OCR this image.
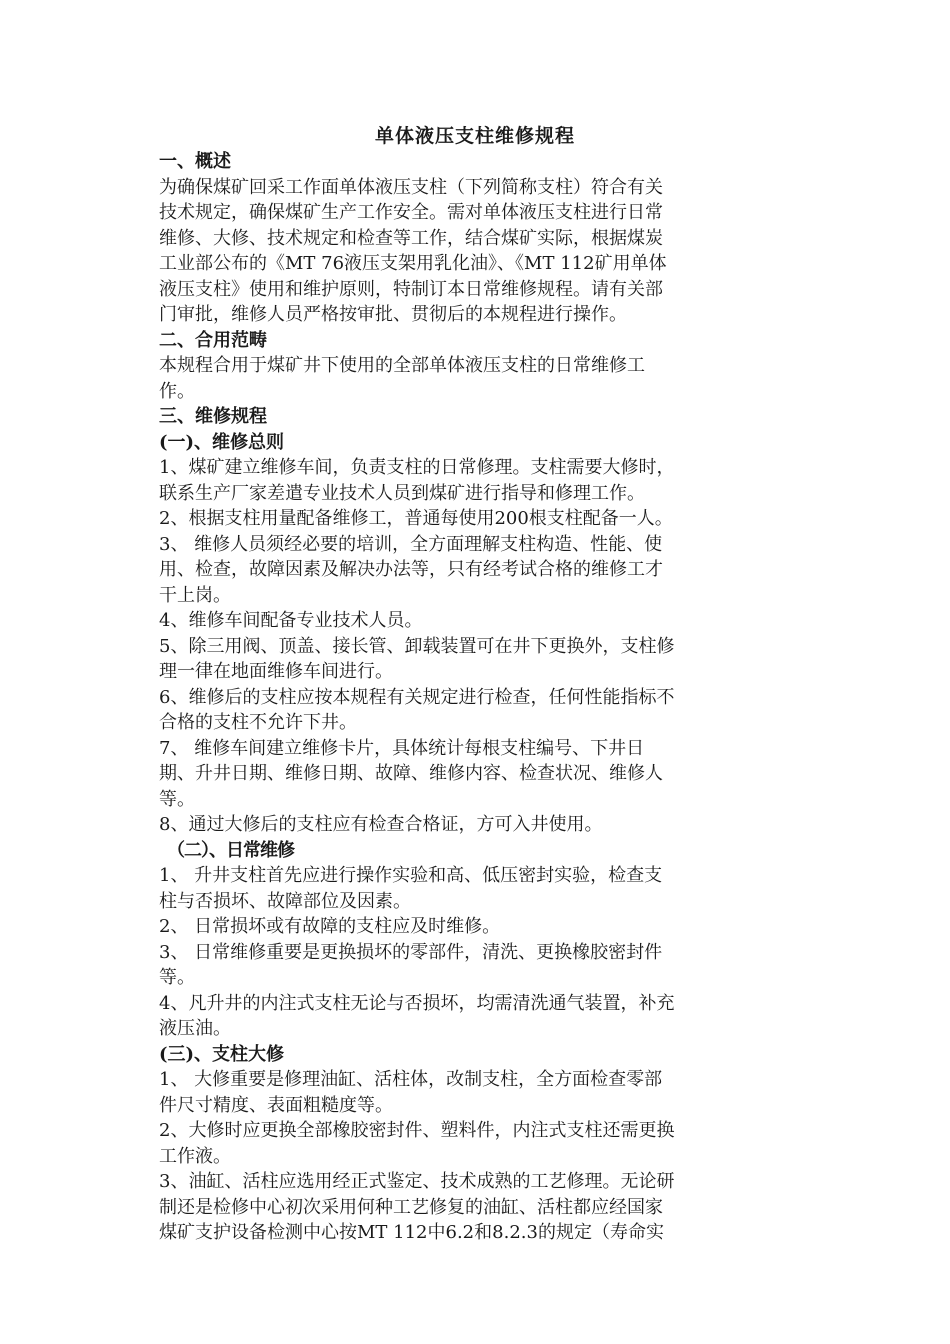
单体液压支柱维修规程
一、概述
为确保煤矿回采工作面单体液压支柱（下列简称支柱）符合有关
技术规定，确保煤矿生产工作安全。需对单体液压支柱进行日常
维修、大修、技术规定和检查等工作，结合煤矿实际，根据煤炭
工业部公布的《MT 76液压支架用乳化油》、《MT 112矿用单体
液压支柱》使用和维护原则，特制订本日常维修规程。请有关部
门审批，维修人员严格按审批、贯彻后的本规程进行操作。
二、合用范畴
本规程合用于煤矿井下使用的全部单体液压支柱的日常维修工
作。
三、维修规程
(一)、维修总则
1、煤矿建立维修车间，负责支柱的日常修理。支柱需要大修时，
联系生产厂家差遣专业技术人员到煤矿进行指导和修理工作。
2、根据支柱用量配备维修工，普通每使用200根支柱配备一人。
3、 维修人员须经必要的培训，全方面理解支柱构造、性能、使
用、检查，故障因素及解决办法等，只有经考试合格的维修工才
干上岗。
4、维修车间配备专业技术人员。
5、除三用阀、顶盖、接长管、卸载装置可在井下更换外，支柱修
理一律在地面维修车间进行。
6、维修后的支柱应按本规程有关规定进行检查，任何性能指标不
合格的支柱不允许下井。
7、 维修车间建立维修卡片，具体统计每根支柱编号、下井日
期、升井日期、维修日期、故障、维修内容、检查状况、维修人
等。
8、通过大修后的支柱应有检查合格证，方可入井使用。
（二）、日常维修
1、 升井支柱首先应进行操作实验和高、低压密封实验，检查支
柱与否损坏、故障部位及因素。
2、 日常损坏或有故障的支柱应及时维修。
3、 日常维修重要是更换损坏的零部件，清洗、更换橡胶密封件
等。
4、凡升井的内注式支柱无论与否损坏，均需清洗通气装置，补充
液压油。
(三)、支柱大修
1、 大修重要是修理油缸、活柱体，改制支柱，全方面检查零部
件尺寸精度、表面粗糙度等。
2、大修时应更换全部橡胶密封件、塑料件，内注式支柱还需更换
工作液。
3、油缸、活柱应选用经正式鉴定、技术成熟的工艺修理。无论研
制还是检修中心初次采用何种工艺修复的油缸、活柱都应经国家
煤矿支护设备检测中心按MT 112中6.2和8.2.3的规定（寿命实
